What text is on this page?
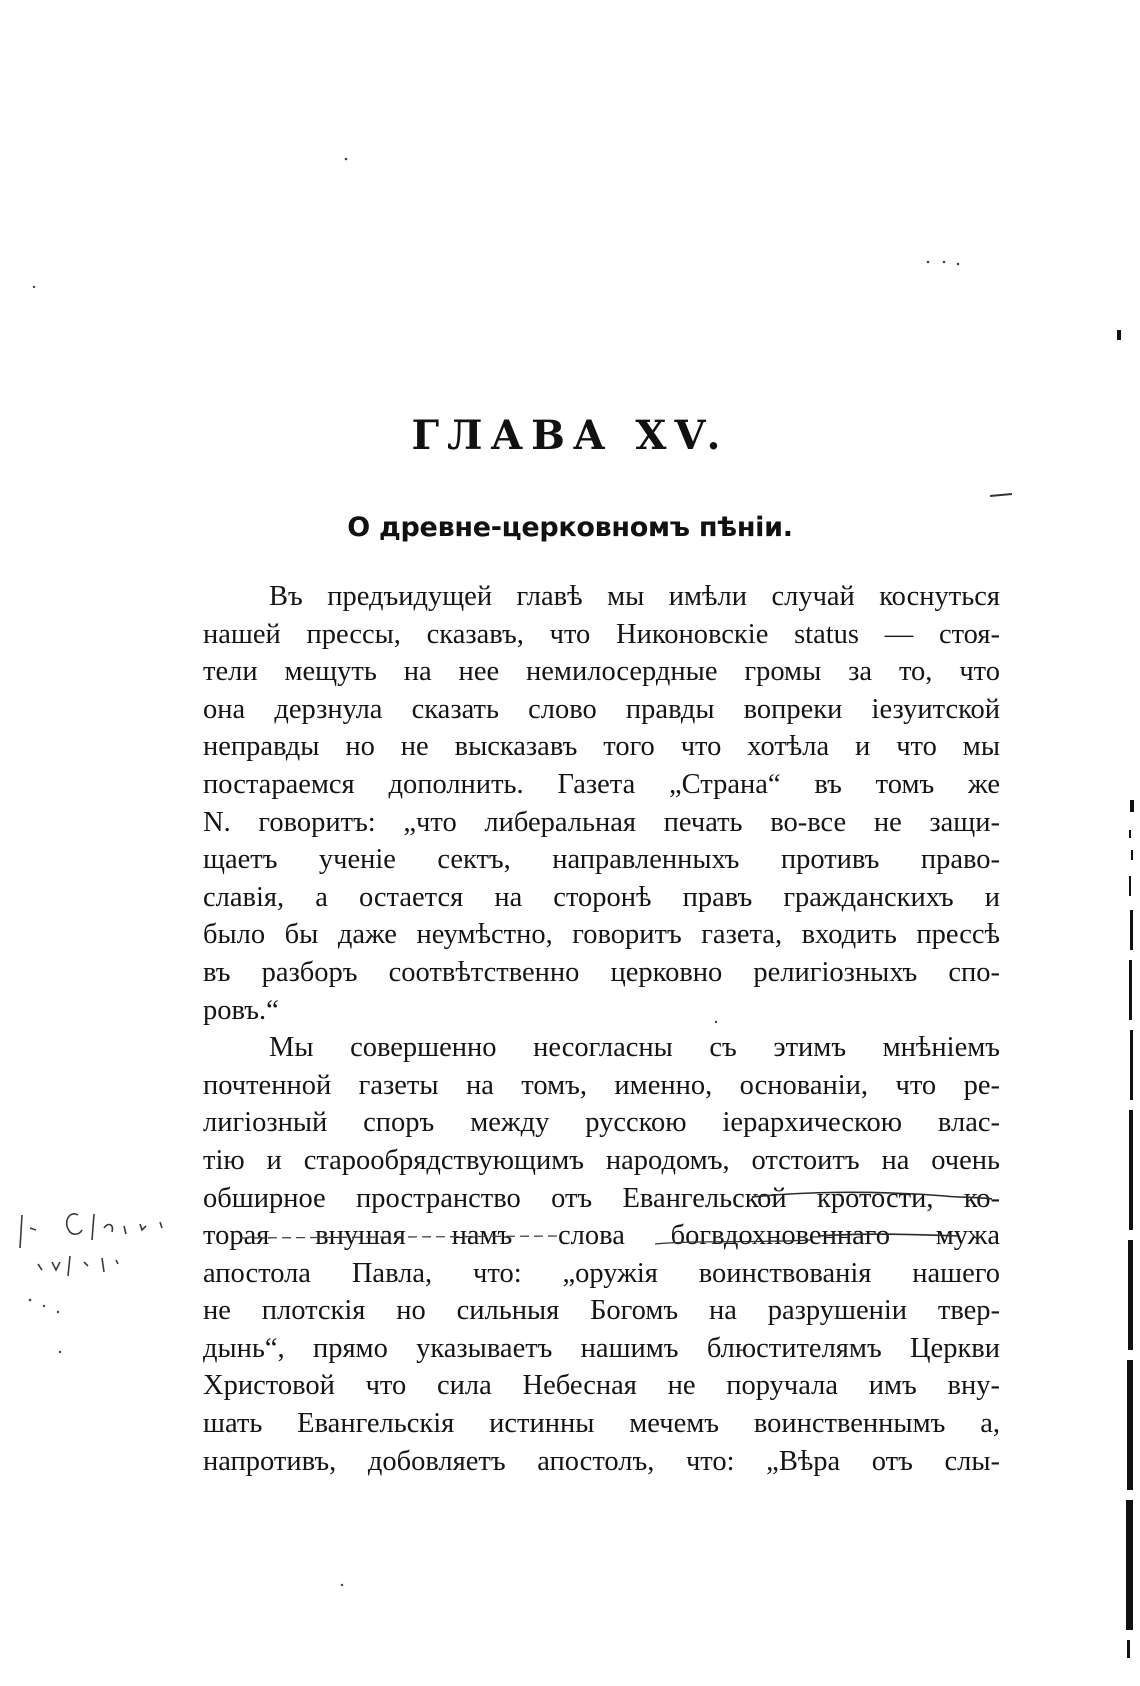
ГЛАВА XV.
О древне-церковномъ пѣніи.
Въ предъидущей главѣ мы имѣли случай коснуться
нашей прессы, сказавъ, что Никоновскіе status — стоя-
тели мещуть на нее немилосердные громы за то, что
она дерзнула сказать слово правды вопреки іезуитской
неправды но не высказавъ того что хотѣла и что мы
постараемся дополнить. Газета „Страна“ въ томъ же
N. говоритъ: „что либеральная печать во-все не защи-
щаетъ ученіе сектъ, направленныхъ противъ право-
славія, а остается на сторонѣ правъ гражданскихъ и
было бы даже неумѣстно, говоритъ газета, входить прессѣ
въ разборъ соотвѣтственно церковно религіозныхъ спо-
ровъ.“
Мы совершенно несогласны съ этимъ мнѣніемъ
почтенной газеты на томъ, именно, основаніи, что ре-
лигіозный споръ между русскою іерархическою влас-
тію и старообрядствующимъ народомъ, отстоитъ на очень
обширное пространство отъ Евангельской кротости, ко-
торая внушая намъ слова богвдохновеннаго мужа
апостола Павла, что: „оружія воинствованія нашего
не плотскія но сильныя Богомъ на разрушеніи твер-
дынь“, прямо указываетъ нашимъ блюстителямъ Церкви
Христовой что сила Небесная не поручала имъ вну-
шать Евангельскія истинны мечемъ воинственнымъ а,
напротивъ, добовляетъ апостолъ, что: „Вѣра отъ слы-
